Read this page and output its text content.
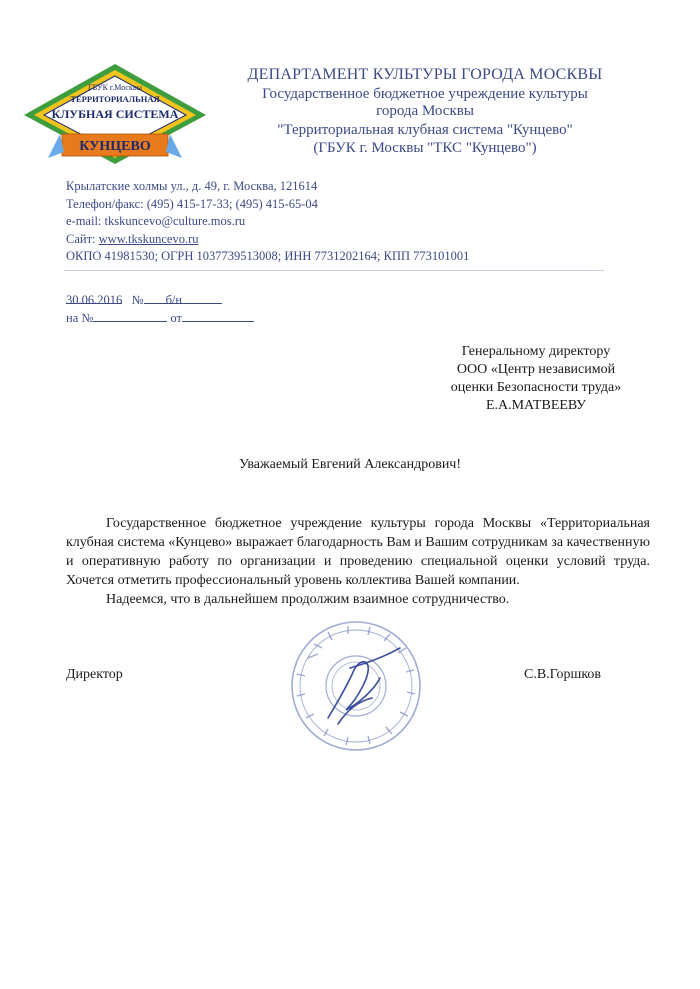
ГБУК г.Москвы
ТЕРРИТОРИАЛЬНАЯ
КЛУБНАЯ СИСТЕМА
КУНЦЕВО
ДЕПАРТАМЕНТ КУЛЬТУРЫ ГОРОДА МОСКВЫ
Государственное бюджетное учреждение культуры
города Москвы
"Территориальная клубная система "Кунцево"
(ГБУК г. Москвы "ТКС "Кунцево")
Крылатские холмы ул., д. 49, г. Москва, 121614
Телефон/факс: (495) 415-17-33; (495) 415-65-04
e-mail: tkskuncevo@culture.mos.ru
Сайт: www.tkskuncevo.ru
ОКПО 41981530; ОГРН 1037739513008; ИНН 7731202164; КПП 773101001
30.06.2016 № б/н
на №	от
Генеральному директору
ООО «Центр независимой
оценки Безопасности труда»
Е.А.МАТВЕЕВУ
Уважаемый Евгений Александрович!

Государственное бюджетное учреждение культуры города Москвы «Территориальная клубная система «Кунцево» выражает благодарность Вам и Вашим сотрудникам за качественную и оперативную работу по организации и проведению специальной оценки условий труда. Хочется отметить профессиональный уровень коллектива Вашей компании.

Надеемся, что в дальнейшем продолжим взаимное сотрудничество.

Директор	С.В.Горшков
